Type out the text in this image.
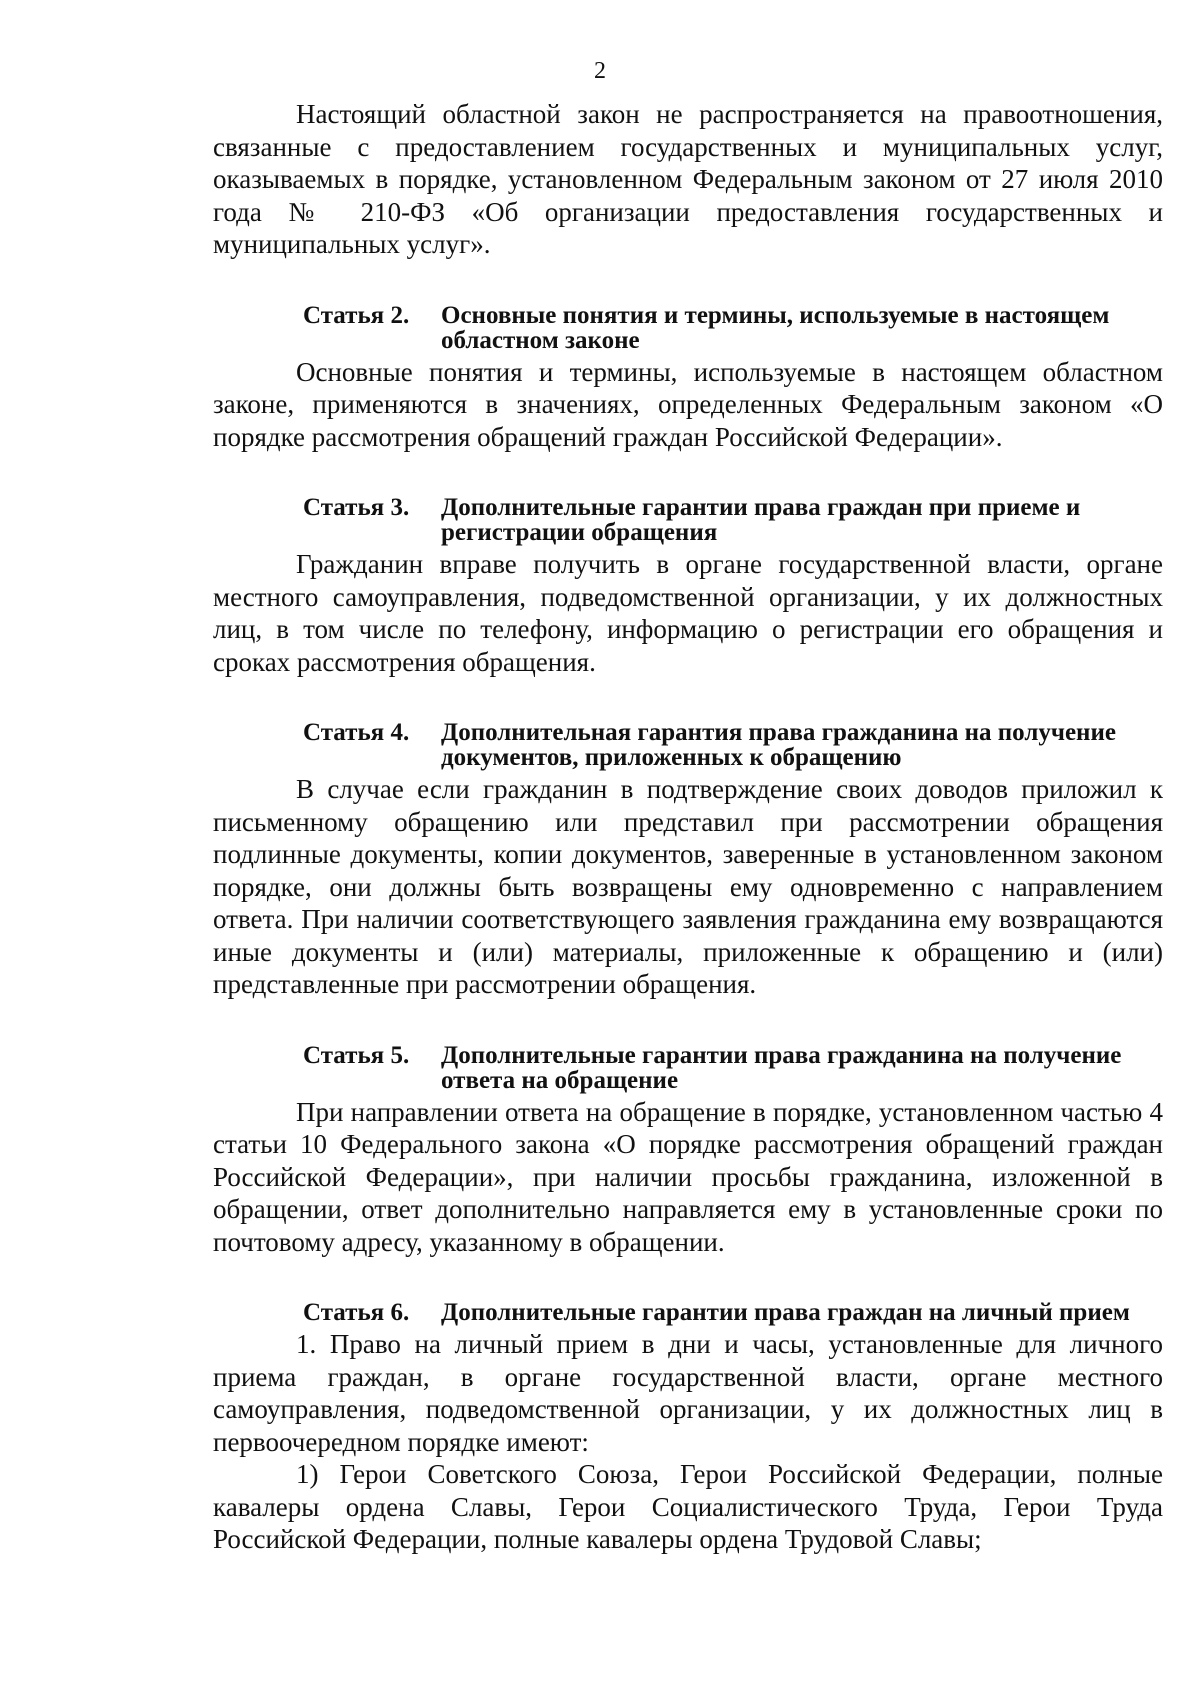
2

Настоящий областной закон не распространяется на правоотношения, связанные с предоставлением государственных и муниципальных услуг, оказываемых в порядке, установленном Федеральным законом от 27 июля 2010 года № 210-ФЗ «Об организации предоставления государственных и муниципальных услуг».

Статья 2.	Основные понятия и термины, используемые в настоящем областном законе

Основные понятия и термины, используемые в настоящем областном законе, применяются в значениях, определенных Федеральным законом «О порядке рассмотрения обращений граждан Российской Федерации».

Статья 3.	Дополнительные гарантии права граждан при приеме и регистрации обращения

Гражданин вправе получить в органе государственной власти, органе местного самоуправления, подведомственной организации, у их должностных лиц, в том числе по телефону, информацию о регистрации его обращения и сроках рассмотрения обращения.

Статья 4.	Дополнительная гарантия права гражданина на получение документов, приложенных к обращению

В случае если гражданин в подтверждение своих доводов приложил к письменному обращению или представил при рассмотрении обращения подлинные документы, копии документов, заверенные в установленном законом порядке, они должны быть возвращены ему одновременно с направлением ответа. При наличии соответствующего заявления гражданина ему возвращаются иные документы и (или) материалы, приложенные к обращению и (или) представленные при рассмотрении обращения.

Статья 5.	Дополнительные гарантии права гражданина на получение ответа на обращение

При направлении ответа на обращение в порядке, установленном частью 4 статьи 10 Федерального закона «О порядке рассмотрения обращений граждан Российской Федерации», при наличии просьбы гражданина, изложенной в обращении, ответ дополнительно направляется ему в установленные сроки по почтовому адресу, указанному в обращении.

Статья 6.	Дополнительные гарантии права граждан на личный прием

1. Право на личный прием в дни и часы, установленные для личного приема граждан, в органе государственной власти, органе местного самоуправления, подведомственной организации, у их должностных лиц в первоочередном порядке имеют:

1) Герои Советского Союза, Герои Российской Федерации, полные кавалеры ордена Славы, Герои Социалистического Труда, Герои Труда Российской Федерации, полные кавалеры ордена Трудовой Славы;
